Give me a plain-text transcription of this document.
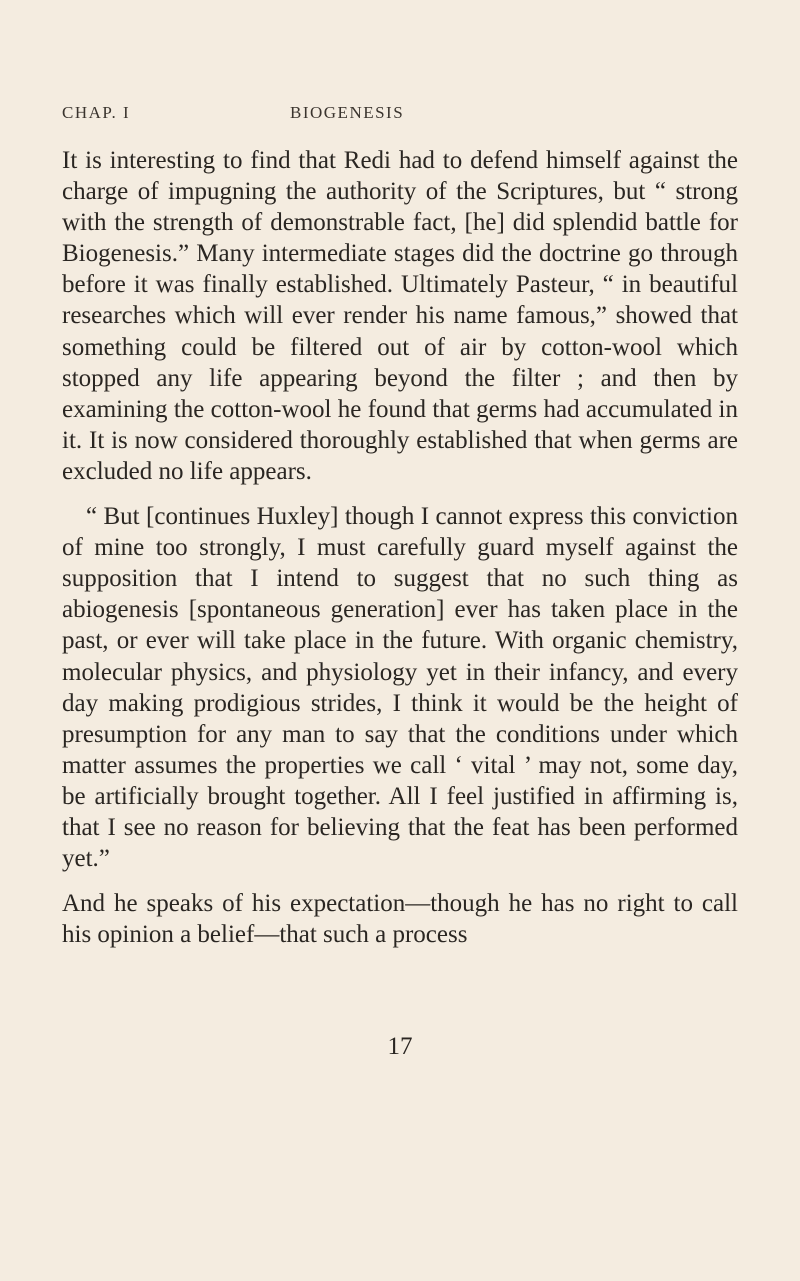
CHAP. I	BIOGENESIS

It is interesting to find that Redi had to defend himself against the charge of impugning the authority of the Scriptures, but “ strong with the strength of demonstrable fact, [he] did splendid battle for Biogenesis.” Many intermediate stages did the doctrine go through before it was finally established. Ultimately Pasteur, “ in beautiful researches which will ever render his name famous,” showed that something could be filtered out of air by cotton-wool which stopped any life appearing beyond the filter ; and then by examining the cotton-wool he found that germs had accumulated in it. It is now considered thoroughly established that when germs are excluded no life appears.

“ But [continues Huxley] though I cannot express this conviction of mine too strongly, I must carefully guard myself against the supposition that I intend to suggest that no such thing as abiogenesis [spontaneous generation] ever has taken place in the past, or ever will take place in the future. With organic chemistry, molecular physics, and physiology yet in their infancy, and every day making prodigious strides, I think it would be the height of presumption for any man to say that the conditions under which matter assumes the properties we call ‘ vital ’ may not, some day, be artificially brought together. All I feel justified in affirming is, that I see no reason for believing that the feat has been performed yet.”

And he speaks of his expectation—though he has no right to call his opinion a belief—that such a process

17
